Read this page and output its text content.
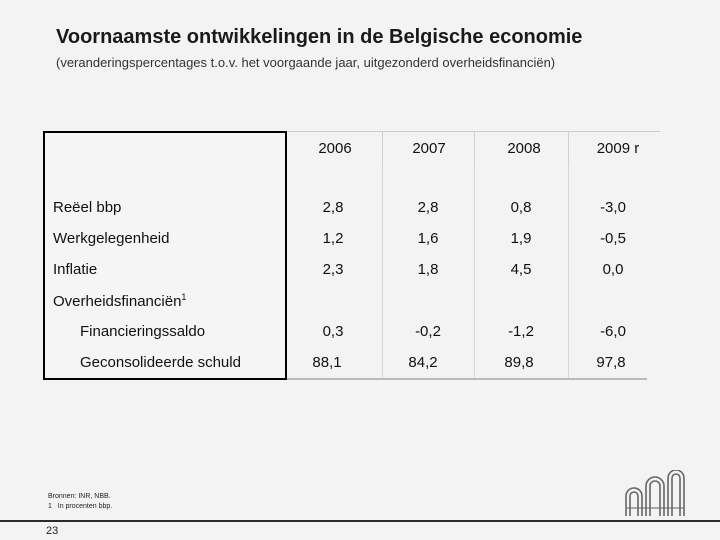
Voornaamste ontwikkelingen in de Belgische economie
(veranderingspercentages t.o.v. het voorgaande jaar, uitgezonderd overheidsfinanciën)
2006	2007	2008	2009 r
Reëel bbp	2,8	2,8	0,8	-3,0
Werkgelegenheid	1,2	1,6	1,9	-0,5
Inflatie	2,3	1,8	4,5	0,0
Overheidsfinanciën$^1$
Financieringssaldo	0,3	-0,2	-1,2	-6,0
Geconsolideerde schuld	88,1	84,2	89,8	97,8
Bronnen: INR, NBB.
1 In procenten bbp.
23
